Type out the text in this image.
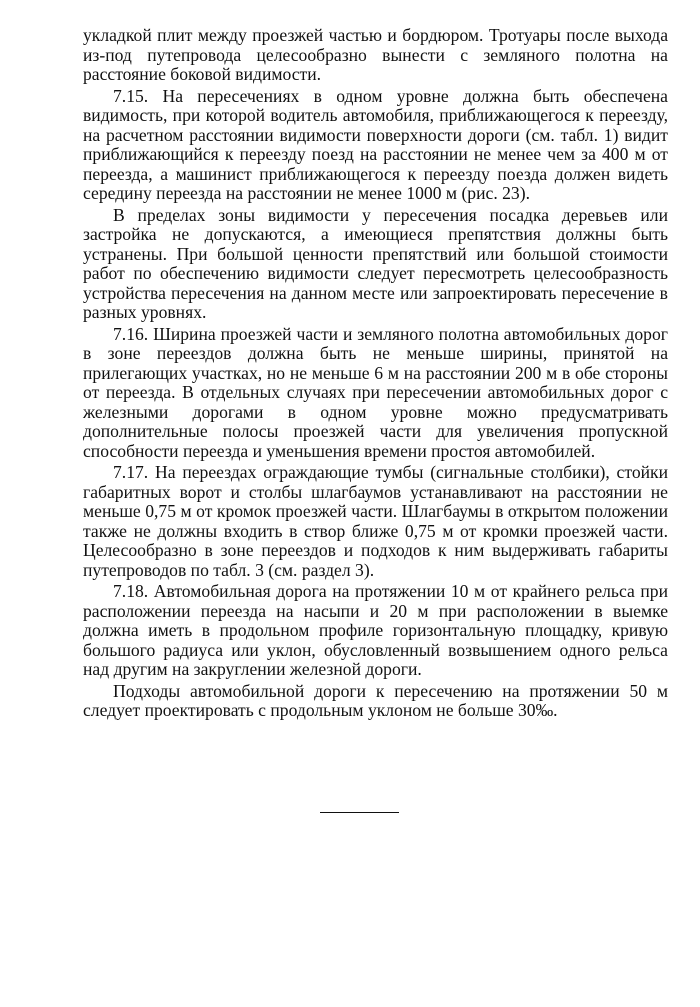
укладкой плит между проезжей частью и бордюром. Тротуары после выхода из-под путепровода целесообразно вынести с земляного полотна на расстояние боковой видимости.

7.15. На пересечениях в одном уровне должна быть обеспечена видимость, при которой водитель автомобиля, приближающегося к переезду, на расчетном расстоянии видимости поверхности дороги (см. табл. 1) видит приближающийся к переезду поезд на расстоянии не менее чем за 400 м от переезда, а машинист приближающегося к переезду поезда должен видеть середину переезда на расстоянии не менее 1000 м (рис. 23).

В пределах зоны видимости у пересечения посадка деревьев или застройка не допускаются, а имеющиеся препятствия должны быть устранены. При большой ценности препятствий или большой стоимости работ по обеспечению видимости следует пересмотреть целесообразность устройства пересечения на данном месте или запроектировать пересечение в разных уровнях.

7.16. Ширина проезжей части и земляного полотна автомобильных дорог в зоне переездов должна быть не меньше ширины, принятой на прилегающих участках, но не меньше 6 м на расстоянии 200 м в обе стороны от переезда. В отдельных случаях при пересечении автомобильных дорог с железными дорогами в одном уровне можно предусматривать дополнительные полосы проезжей части для увеличения пропускной способности переезда и уменьшения времени простоя автомобилей.

7.17. На переездах ограждающие тумбы (сигнальные столбики), стойки габаритных ворот и столбы шлагбаумов устанавливают на расстоянии не меньше 0,75 м от кромок проезжей части. Шлагбаумы в открытом положении также не должны входить в створ ближе 0,75 м от кромки проезжей части. Целесообразно в зоне переездов и подходов к ним выдерживать габариты путепроводов по табл. 3 (см. раздел 3).

7.18. Автомобильная дорога на протяжении 10 м от крайнего рельса при расположении переезда на насыпи и 20 м при расположении в выемке должна иметь в продольном профиле горизонтальную площадку, кривую большого радиуса или уклон, обусловленный возвышением одного рельса над другим на закруглении железной дороги.

Подходы автомобильной дороги к пересечению на протяжении 50 м следует проектировать с продольным уклоном не больше 30‰.
